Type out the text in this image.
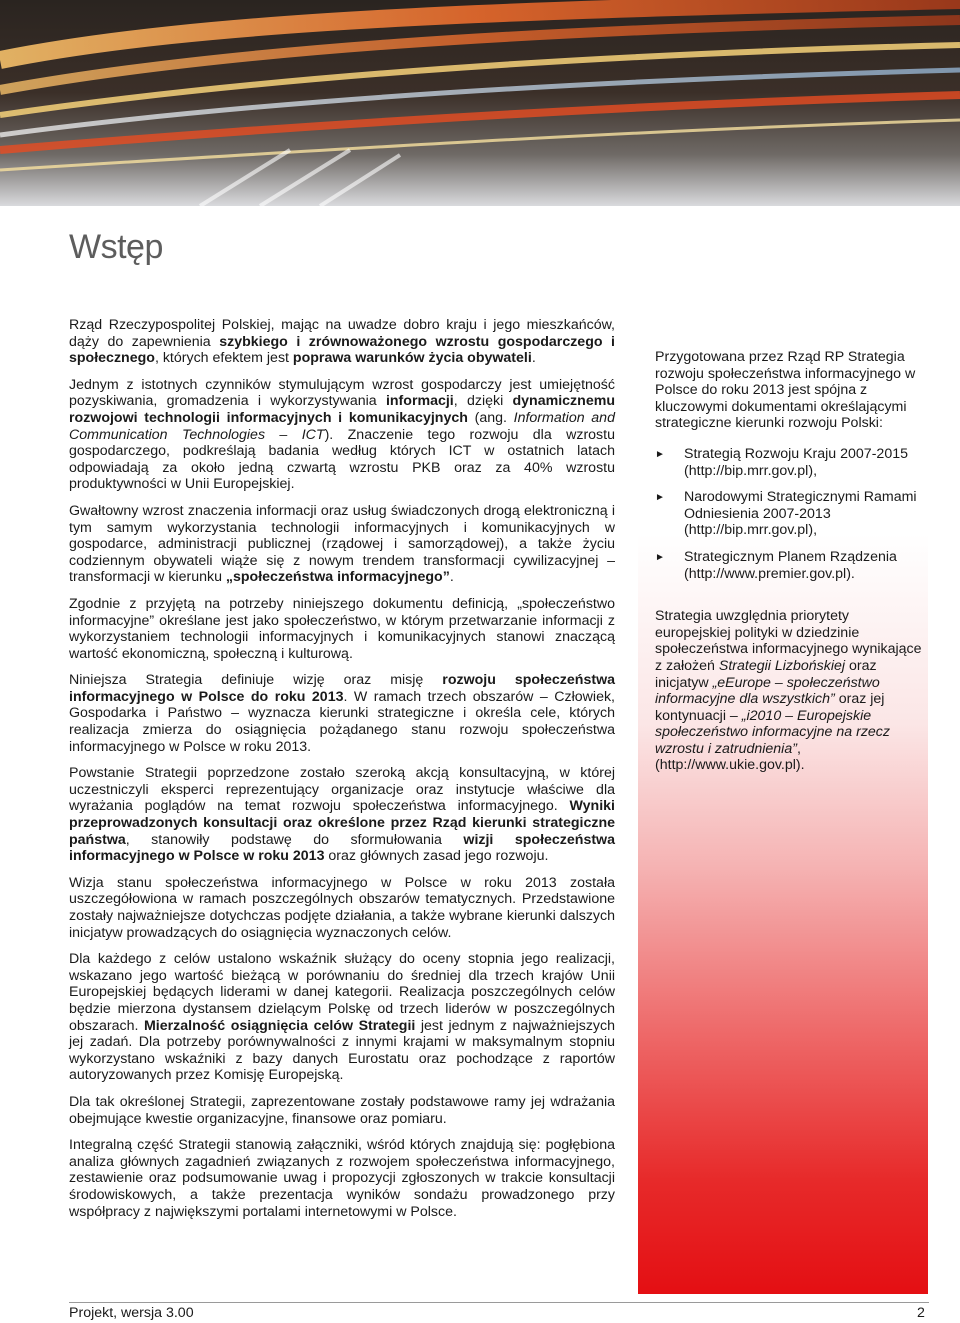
Wstęp

Rząd Rzeczypospolitej Polskiej, mając na uwadze dobro kraju i jego mieszkańców, dąży do zapewnienia szybkiego i zrównoważonego wzrostu gospodarczego i społecznego, których efektem jest poprawa warunków życia obywateli.

Jednym z istotnych czynników stymulującym wzrost gospodarczy jest umiejętność pozyskiwania, gromadzenia i wykorzystywania informacji, dzięki dynamicznemu rozwojowi technologii informacyjnych i komunikacyjnych (ang. Information and Communication Technologies – ICT). Znaczenie tego rozwoju dla wzrostu gospodarczego, podkreślają badania według których ICT w ostatnich latach odpowiadają za około jedną czwartą wzrostu PKB oraz za 40% wzrostu produktywności w Unii Europejskiej.

Gwałtowny wzrost znaczenia informacji oraz usług świadczonych drogą elektroniczną i tym samym wykorzystania technologii informacyjnych i komunikacyjnych w gospodarce, administracji publicznej (rządowej i samorządowej), a także życiu codziennym obywateli wiąże się z nowym trendem transformacji cywilizacyjnej – transformacji w kierunku „społeczeństwa informacyjnego”.

Zgodnie z przyjętą na potrzeby niniejszego dokumentu definicją, „społeczeństwo informacyjne” określane jest jako społeczeństwo, w którym przetwarzanie informacji z wykorzystaniem technologii informacyjnych i komunikacyjnych stanowi znaczącą wartość ekonomiczną, społeczną i kulturową.

Niniejsza Strategia definiuje wizję oraz misję rozwoju społeczeństwa informacyjnego w Polsce do roku 2013. W ramach trzech obszarów – Człowiek, Gospodarka i Państwo – wyznacza kierunki strategiczne i określa cele, których realizacja zmierza do osiągnięcia pożądanego stanu rozwoju społeczeństwa informacyjnego w Polsce w roku 2013.

Powstanie Strategii poprzedzone zostało szeroką akcją konsultacyjną, w której uczestniczyli eksperci reprezentujący organizacje oraz instytucje właściwe dla wyrażania poglądów na temat rozwoju społeczeństwa informacyjnego. Wyniki przeprowadzonych konsultacji oraz określone przez Rząd kierunki strategiczne państwa, stanowiły podstawę do sformułowania wizji społeczeństwa informacyjnego w Polsce w roku 2013 oraz głównych zasad jego rozwoju.

Wizja stanu społeczeństwa informacyjnego w Polsce w roku 2013 została uszczegółowiona w ramach poszczególnych obszarów tematycznych. Przedstawione zostały najważniejsze dotychczas podjęte działania, a także wybrane kierunki dalszych inicjatyw prowadzących do osiągnięcia wyznaczonych celów.

Dla każdego z celów ustalono wskaźnik służący do oceny stopnia jego realizacji, wskazano jego wartość bieżącą w porównaniu do średniej dla trzech krajów Unii Europejskiej będących liderami w danej kategorii. Realizacja poszczególnych celów będzie mierzona dystansem dzielącym Polskę od trzech liderów w poszczególnych obszarach. Mierzalność osiągnięcia celów Strategii jest jednym z najważniejszych jej zadań. Dla potrzeby porównywalności z innymi krajami w maksymalnym stopniu wykorzystano wskaźniki z bazy danych Eurostatu oraz pochodzące z raportów autoryzowanych przez Komisję Europejską.

Dla tak określonej Strategii, zaprezentowane zostały podstawowe ramy jej wdrażania obejmujące kwestie organizacyjne, finansowe oraz pomiaru.

Integralną część Strategii stanowią załączniki, wśród których znajdują się: pogłębiona analiza głównych zagadnień związanych z rozwojem społeczeństwa informacyjnego, zestawienie oraz podsumowanie uwag i propozycji zgłoszonych w trakcie konsultacji środowiskowych, a także prezentacja wyników sondażu prowadzonego przy współpracy z największymi portalami internetowymi w Polsce.

Przygotowana przez Rząd RP Strategia rozwoju społeczeństwa informacyjnego w Polsce do roku 2013 jest spójna z kluczowymi dokumentami określającymi strategiczne kierunki rozwoju Polski:

► Strategią Rozwoju Kraju 2007-2015 (http://bip.mrr.gov.pl),
► Narodowymi Strategicznymi Ramami Odniesienia 2007-2013 (http://bip.mrr.gov.pl),
► Strategicznym Planem Rządzenia (http://www.premier.gov.pl).

Strategia uwzględnia priorytety europejskiej polityki w dziedzinie społeczeństwa informacyjnego wynikające z założeń Strategii Lizbońskiej oraz inicjatyw „eEurope – społeczeństwo informacyjne dla wszystkich” oraz jej kontynuacji – „i2010 – Europejskie społeczeństwo informacyjne na rzecz wzrostu i zatrudnienia”, (http://www.ukie.gov.pl).

Projekt, wersja 3.00	2
